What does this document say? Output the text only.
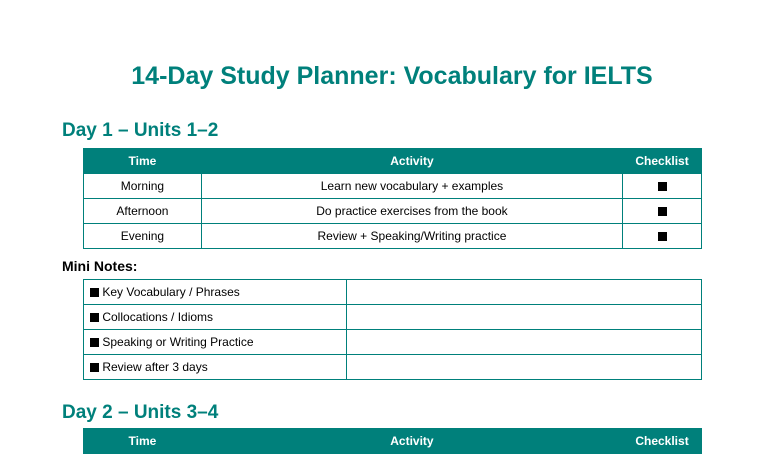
14-Day Study Planner: Vocabulary for IELTS
Day 1 – Units 1–2
Time	Activity	Checklist
Morning	Learn new vocabulary + examples	
Afternoon	Do practice exercises from the book	
Evening	Review + Speaking/Writing practice	
Mini Notes:
Key Vocabulary / Phrases	
Collocations / Idioms	
Speaking or Writing Practice	
Review after 3 days	
Day 2 – Units 3–4
Time	Activity	Checklist
